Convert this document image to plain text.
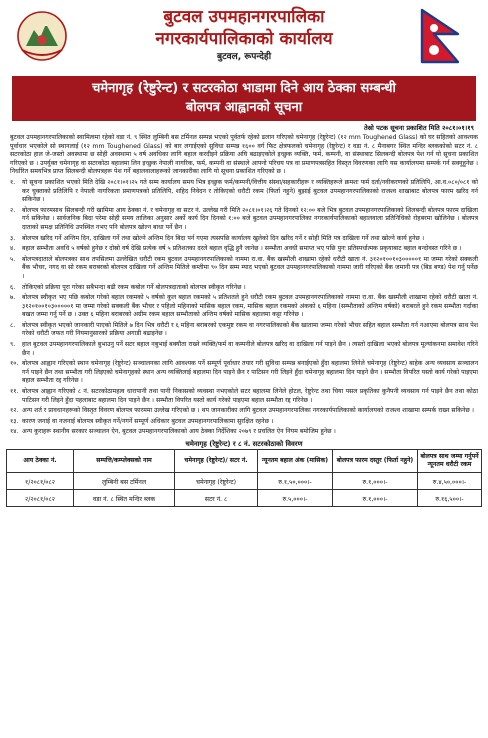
बुटवल उपमहानगरपालिका
नगरकार्यपालिकाको कार्यालय
बुटवल, रूपन्देही
चमेनागृह (रेष्टुरेन्ट) र सटरकोठा भाडामा दिने आय ठेक्का सम्बन्धी
बोलपत्र आह्वानको सूचना
तेस्रो पटक सूचना प्रकाशित मिति २०८१।०१।१९
बुटवल उपमहानगरपालिकाको स्वामित्वमा रहेको वडा नं. ९ स्थित लुम्बिनी बस टर्मिनल सम्पन्न भएको पूर्वतर्फ रहेको ढलान गरिएको चमेनागृह (रेष्टुरेन्ट) (१२ mm Toughened Glass) को घर सहितको आवश्यक पूर्वाधार भएकोले सो स्थानलाई (१२ mm Toughened Glass) को बार लगाईएको सुविधा सम्पन्न १६०० वर्ग फिट क्षेत्रफलको चमेनागृह (रेष्टुरेन्ट) र वडा नं. ८ मैनाबगर स्थित मन्दिर ब्लककोको सटर नं. ८ सटरकोठा हाल जे-जस्तो अवस्थामा छ सोही अवस्थामा ५ वर्ष अवधिका लागि बहाल करदीइने प्रक्रिया अघि बढाइएकोले इच्छुक व्यक्ति, फर्म, कम्पनी, वा संस्थाबाट सिलबन्दी बोलपत्र पेश गर्न यो सूचना प्रकाशित गरिएको छ । उपर्युक्त चमेनागृह वा सटरकोठा बहालमा लिन इच्छुक नेपाली नागरिक, फर्म, कम्पनी वा संस्थाले आफ्नो परिचय पत्र वा प्रमाणपत्रसहित विस्तृत विवरणका लागि यस कार्यालयमा सम्पर्क गर्न सक्नुहुनेछ । निर्धारित समयभित्र प्राप्त सिलबन्दी बोलपत्रहरू पेश गर्ने बहालवालाहरूको जानकारीका लागि यो सूचना प्रकाशित गरिएको छ ।
१.	यो सूचना प्रकाशित भएको मिति देखि २०८१।०१।२५ गते सम्म कार्यालय समय भित्र इच्छुक फर्म/कम्पनी/वित्तीय संस्था/सहकारीहरू र व्यक्तिहरूले क्रमशः फर्म दर्ता/नवीकरणको प्रतिलिपि, आ.व.०८०/०८१ को कर चुक्ताको प्रतिलिपि र नेपाली नागरिकता प्रमाणपत्रको प्रतिलिपि, शहिद निवेदन र तोकिएको धरौटी रकम (फिर्ता नहुने) बुझाई बुटवल उपमहानगरपालिकाको राजश्व शाखाबाट बोलपत्र फारम खरिद गर्न सकिनेछ ।
२.	बोलपत्र फारमसाथ सिलबन्दी गरी खामिमा आय ठेक्का नं. र चमेनागृह वा सटर नं. उल्लेख गरी मिति २०८१।०१।२६ गते दिनको १२:०० बजे भित्र बुटवल उपमहानगरपालिकाको शिलबन्दी बोलपत्र फारम दाखिला गर्न सकिनेछ । सार्वजनिक बिदा परेमा सोही समय तालिका अनुसार अर्को कार्य दिन दिनको १:०० बजे बुटवल उपमहानगरपालिका नगरकार्यपालिकाको बहालवाला प्रतिनिधिको रोहबरमा खोलिनेछ । बोलपत्र दाताको समक्ष प्रतिनिधि उपस्थित नभए पनि बोलपत्र खोल्न बाधा पर्ने छैन ।
३.	बोलपत्र खरिद गर्ने अन्तिम दिन, दाखिला गर्ने तथा खोल्ने अन्तिम दिन बिदा पर्न गएमा त्यसपछि कार्यालय खुलेको दिन खरिद गर्ने र सोही मिति पत्र दाखिला गर्ने तथा खोल्ने कार्य हुनेछ ।
४.	बहाल सम्भौता अवधि ५ वर्षको हुनेछ र दोस्रो वर्ष देखि प्रत्येक वर्ष ५ प्रतिशतका दरले बहाल वृद्धि हुनै जानेछ । सम्भौता अवधी समाप्त भए पछि पुनः प्रतिस्पर्धात्मक प्रकृयाबाट बहाल बन्दोवस्त गरिने छ ।
५.	बोलपत्रदाताले बोलपत्रका साथ तपसिलमा उल्लेखित धरौटी रकम बुटवल उपमहानगरपालिकाको नाममा रा.वा. बैंक खस्मौली शाखामा रहेको धरौटी खाता नं. ३१२०१००१०३०००००१ मा जम्मा गरेको सक्कली बैंक भौचर, नगद वा सो रकम बराबरको बोलपत्र दाखिला गर्ने अन्तिम मितिले कम्तीमा ९० दिन सम्म म्याद भएको बुटवल उपमहानगरपालिकाको नाममा जारी गरिएको बैंक जमानी पत्र (बिड बण्ड) पेश गर्नु पर्नेछ ।
६.	तोकिएको प्रक्रिया पूरा गरेका सबैभन्दा बढी रकम कबोल गर्ने बोलपत्रदाताको बोलपत्र स्वीकृत गरिनेछ ।
७.	बोलपत्र स्वीकृत भए पछि कबोल गरेको बहाल रकमको ५ वर्षको कुल बहाल रकमको ५ प्रतिशतले हुने धरौटी रकम बुटवल उपमहानगरपालिकाको नाममा रा.वा. बैंक खस्मौली शाखामा रहेको धरौटी खाता नं. ३१२०१००१०३०००००१ मा जम्मा गरेको सक्कली बैंक भौचर र पहिलो महिनाको मासिक बहाल रकम, मासिक बहाल रकमको अंकको ६ महिना (सम्भौताको अन्तिम वर्षको) बराबरले हुने रकम सम्भौता गर्दाका बखत जम्मा गर्नु पर्ने छ । उक्त ६ महिना बराबरको अग्रीम रकम बहाल सम्भौताको अन्तिम वर्षको मासिक बहालमा कट्टा गरिनेछ ।
८.	बोलपत्र स्वीकृत भएको जानकारी पाएको मितिले ७ दिन भित्र धरौटी र ६ महिना बराबरको एकमुष्ट रकम वा नगरपालिकाको बैंक खातामा जम्मा गरेको भौचर सहित बहाल सम्भौता गर्न नआएमा बोलपत्र साथ पेश गरेको धरौटी जफत गरी नियमानुसारको प्रक्रिया अगाडी बढाइनेछ ।
९.	हाल बुटवल उपमहानगरपालिकाले बुभाउनु पर्ने सटर बहाल नबुभाई बक्यौता राख्ने व्यक्ति/फर्म वा कम्पनीले बोलपत्र खरिद वा दाखिला गर्न पाइने छैन । त्यस्तो दाखिला भएको बोलपत्र मूल्यांकनमा समावेश गरिने छैन ।
१०. बोलपत्र आह्वान गरिएको स्थान चमेनागृह (रेष्टुरेन्ट) सञ्चालनका लागि आवश्यक पर्ने सम्पूर्ण पूर्वाधार तयार गरी सुविधा सम्पन्न बनाईएको हुँदा बहालमा लिनेले चमेनागृह (रेष्टुरेन्ट) बाहेक अन्य व्यवसाय सञ्चालन गर्न पाइने छैन तथा सम्भौता गरी लिइएको चमेनागृहको स्थान अन्य व्यक्तिलाई बहालमा दिन पाइने छैन र पाटिसन गरी लिइने हुँदा चमेनागृह बहालमा दिन पाइने छैन । सम्भौता विपरित यस्तो कार्य गरेको पाइएमा बहाल सम्भौता रद्द गरिनेछ ।
११. बोलपत्र आह्वान गरिएको ८ नं. सटरकोठामहत्व धारापानी तथा पानी निकासको व्यवस्था नभएकोले सटर बहालमा लिनेले होटल, रेष्टुरेन्ट तथा चिया पसल प्रकृतिका कुनैपनी व्यवसाय गर्न पाइने छैन तथा कोठा पाटिसन गरी लिइने हुँदा पहलाबाट बहालमा दिन पाइने छैन । सम्भौता विपरित यस्तो कार्य गरेको पाइएमा बहाल सम्भौता रद्द गरिनेछ ।
१२. अन्य शर्त र प्रावधानहरूको विस्तृत विवरण बोलपत्र फारममा उल्लेख गरिएको छ । थप जानकारीका लागि बुटवल उपमहानगरपालिका नगरकार्यपालिकाको कार्यालयको राजश्व शाखामा सम्पर्क राख्न सकिनेछ ।
१३. कारण जनाई वा नजनाई बोलपत्र स्वीकृत गर्ने/नगर्ने सम्पूर्ण अधिकार बुटवल उपमहानगरपालिकामा सुरक्षित रहनेछ ।
१४. अन्य कुराहरू स्थानीय सरकार सञ्चालन ऐन, बुटवल उपमहानगरपालिकाको आय ठेक्का निर्देशिका २०७९ र प्रचलित ऐन नियम बमोजिम हुनेछ ।
चमेनागृह (रेष्टुरेन्ट) र ८ नं. सटरकोठाको विवरण
आय ठेक्का नं.	सम्पत्ति/कम्प्लेक्सको नाम	चमेनागृह (रेष्टुरेन्ट)/ सटर नं.	न्यूनतम बहाल अंक (मासिक)	बोलपत्र फारम दस्तुर (फिर्ता नहुने)	बोलपत्र साथ जम्मा गर्नुपर्ने न्यूनतम धरौटी रकम
१/२०८१/०८२	लुम्बिनी बस टर्मिनल	चमेनागृह (रेष्टुरेन्ट)	रु.१,५०,०००।-	रु.१,०००।-	रु.४,५०,०००।-
२/२०८१/०८२	वडा नं. ८ स्थित मन्दिर ब्लक	सटर नं. ८	रु.५,०००।-	रु.१,०००।-	रु.१६,५००।-
